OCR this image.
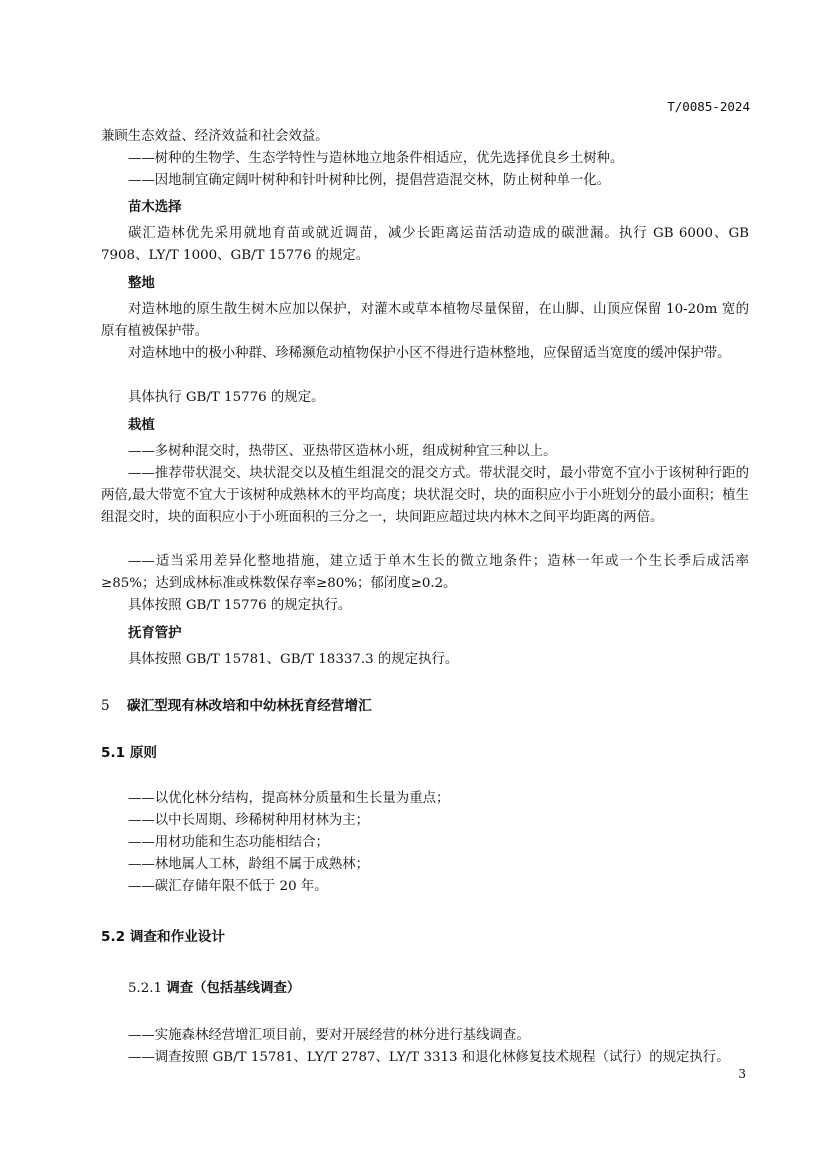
T/0085-2024
兼顾生态效益、经济效益和社会效益。
——树种的生物学、生态学特性与造林地立地条件相适应，优先选择优良乡土树种。
——因地制宜确定阔叶树种和针叶树种比例，提倡营造混交林，防止树种单一化。
苗木选择
碳汇造林优先采用就地育苗或就近调苗，减少长距离运苗活动造成的碳泄漏。执行 GB 6000、GB 7908、LY/T 1000、GB/T 15776 的规定。
整地
对造林地的原生散生树木应加以保护，对灌木或草本植物尽量保留，在山脚、山顶应保留 10-20m 宽的原有植被保护带。
对造林地中的极小种群、珍稀濒危动植物保护小区不得进行造林整地，应保留适当宽度的缓冲保护带。
具体执行 GB/T 15776 的规定。
栽植
——多树种混交时，热带区、亚热带区造林小班，组成树种宜三种以上。
——推荐带状混交、块状混交以及植生组混交的混交方式。带状混交时，最小带宽不宜小于该树种行距的两倍,最大带宽不宜大于该树种成熟林木的平均高度；块状混交时，块的面积应小于小班划分的最小面积；植生组混交时，块的面积应小于小班面积的三分之一，块间距应超过块内林木之间平均距离的两倍。
——适当采用差异化整地措施，建立适于单木生长的微立地条件；造林一年或一个生长季后成活率≥85%；达到成林标准或株数保存率≥80%；郁闭度≥0.2。
具体按照 GB/T 15776 的规定执行。
抚育管护
具体按照 GB/T 15781、GB/T 18337.3 的规定执行。
5 碳汇型现有林改培和中幼林抚育经营增汇
5.1 原则
——以优化林分结构，提高林分质量和生长量为重点；
——以中长周期、珍稀树种用材林为主；
——用材功能和生态功能相结合；
——林地属人工林，龄组不属于成熟林；
——碳汇存储年限不低于 20 年。
5.2 调查和作业设计
5.2.1 调查（包括基线调查）
——实施森林经营增汇项目前，要对开展经营的林分进行基线调查。
——调查按照 GB/T 15781、LY/T 2787、LY/T 3313 和退化林修复技术规程（试行）的规定执行。
3
